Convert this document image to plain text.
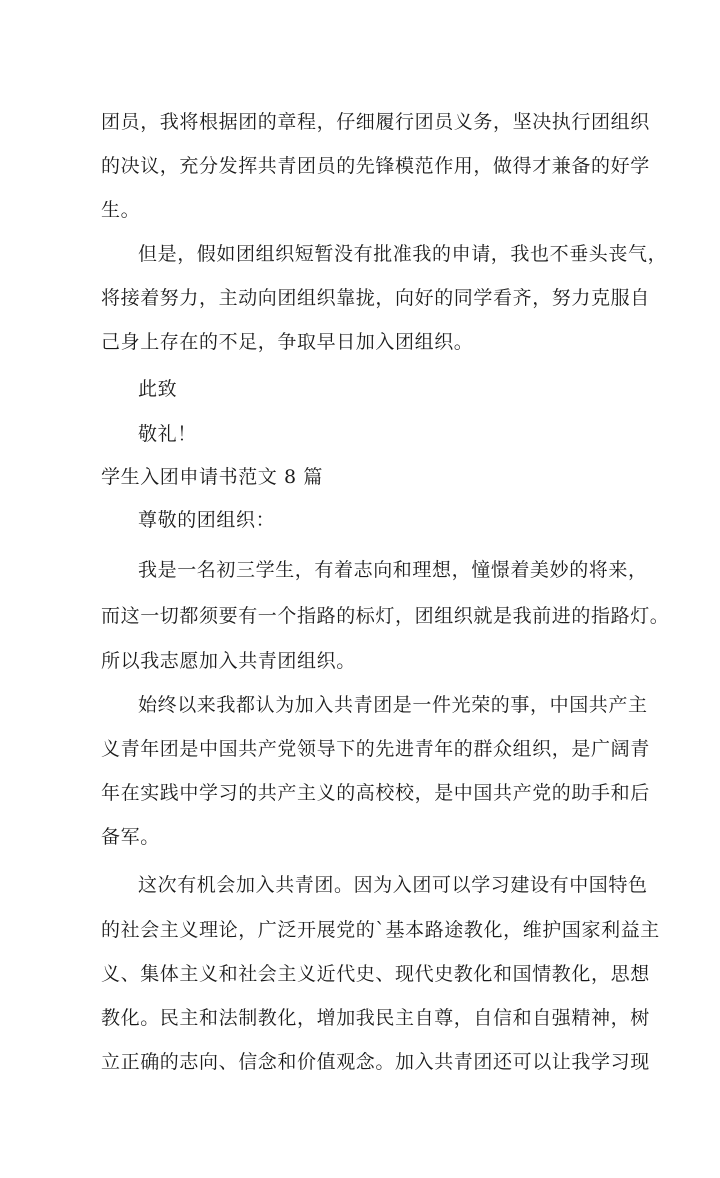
团员，我将根据团的章程，仔细履行团员义务，坚决执行团组织
的决议，充分发挥共青团员的先锋模范作用，做得才兼备的好学
生。
但是，假如团组织短暂没有批准我的申请，我也不垂头丧气，
将接着努力，主动向团组织靠拢，向好的同学看齐，努力克服自
己身上存在的不足，争取早日加入团组织。
此致
敬礼！
学生入团申请书范文 8 篇
尊敬的团组织：
我是一名初三学生，有着志向和理想，憧憬着美妙的将来，
而这一切都须要有一个指路的标灯，团组织就是我前进的指路灯。
所以我志愿加入共青团组织。
始终以来我都认为加入共青团是一件光荣的事，中国共产主
义青年团是中国共产党领导下的先进青年的群众组织，是广阔青
年在实践中学习的共产主义的高校校，是中国共产党的助手和后
备军。
这次有机会加入共青团。因为入团可以学习建设有中国特色
的社会主义理论，广泛开展党的`基本路途教化，维护国家利益主
义、集体主义和社会主义近代史、现代史教化和国情教化，思想
教化。民主和法制教化，增加我民主自尊，自信和自强精神，树
立正确的志向、信念和价值观念。加入共青团还可以让我学习现
